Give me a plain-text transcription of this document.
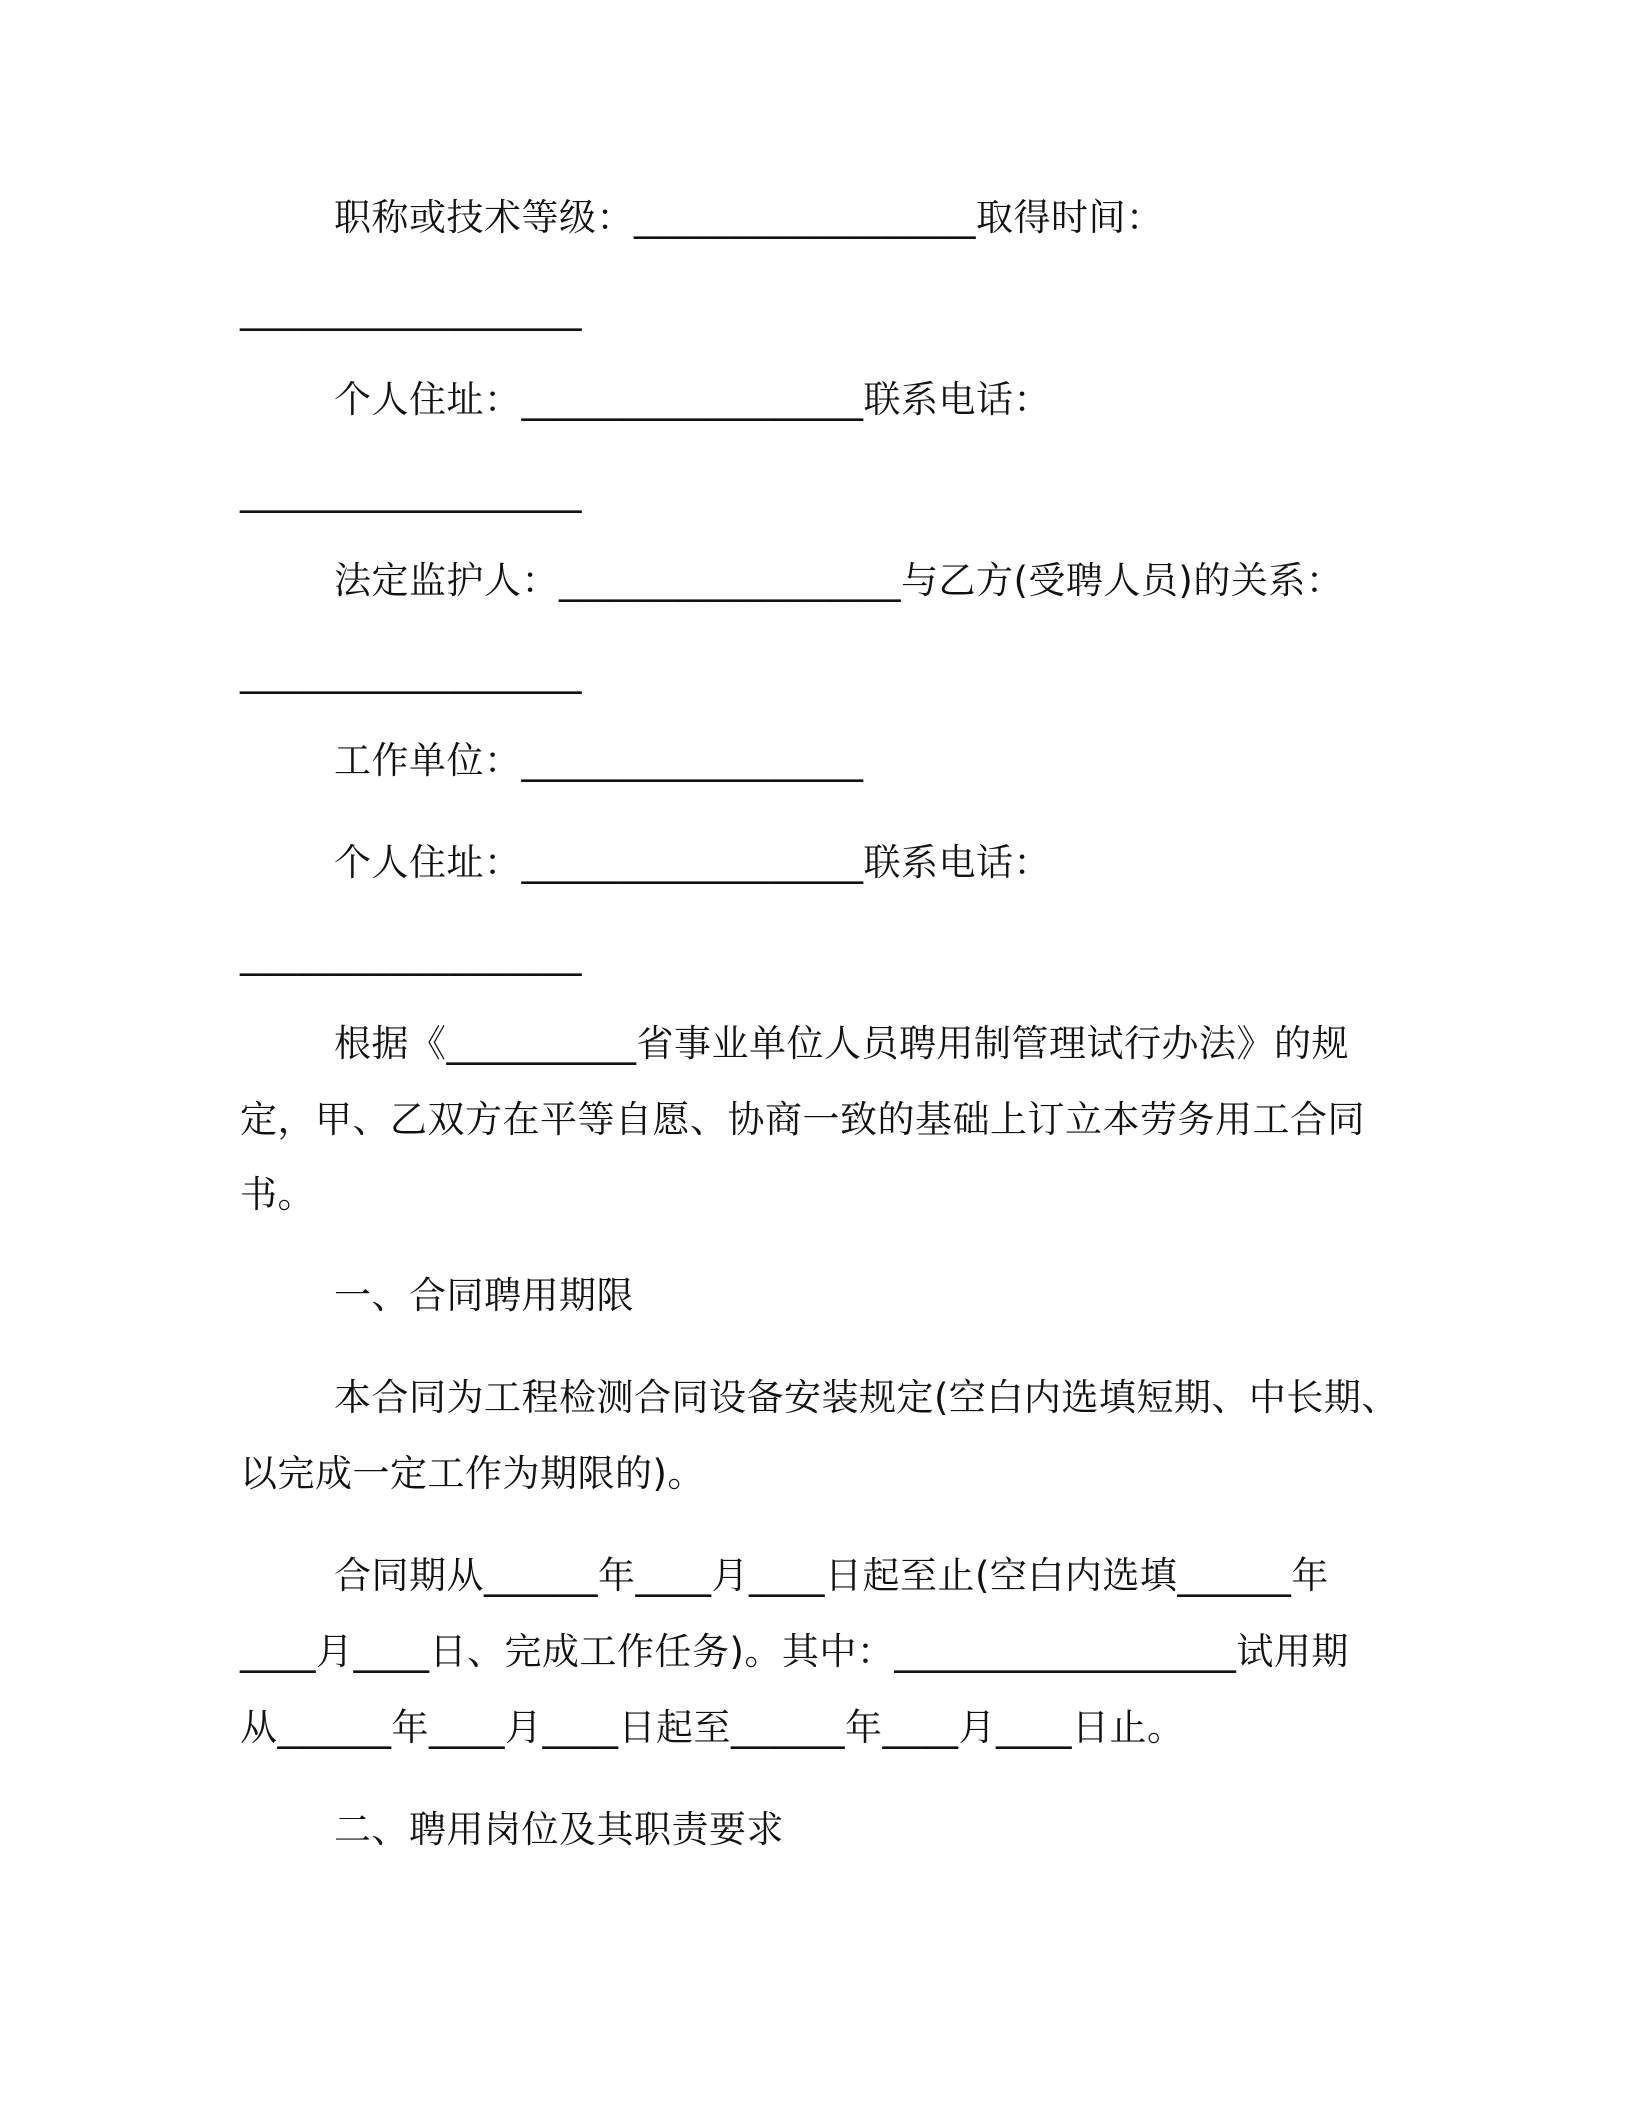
职称或技术等级：__________________取得时间：
__________________
个人住址：__________________联系电话：
__________________
法定监护人：__________________与乙方(受聘人员)的关系：
__________________
工作单位：__________________
个人住址：__________________联系电话：
__________________
根据《__________省事业单位人员聘用制管理试行办法》的规
定，甲、乙双方在平等自愿、协商一致的基础上订立本劳务用工合同
书。
一、合同聘用期限
本合同为工程检测合同设备安装规定(空白内选填短期、中长期、
以完成一定工作为期限的)。
合同期从______年____月____日起至止(空白内选填______年
____月____日、完成工作任务)。其中：__________________试用期
从______年____月____日起至______年____月____日止。
二、聘用岗位及其职责要求
